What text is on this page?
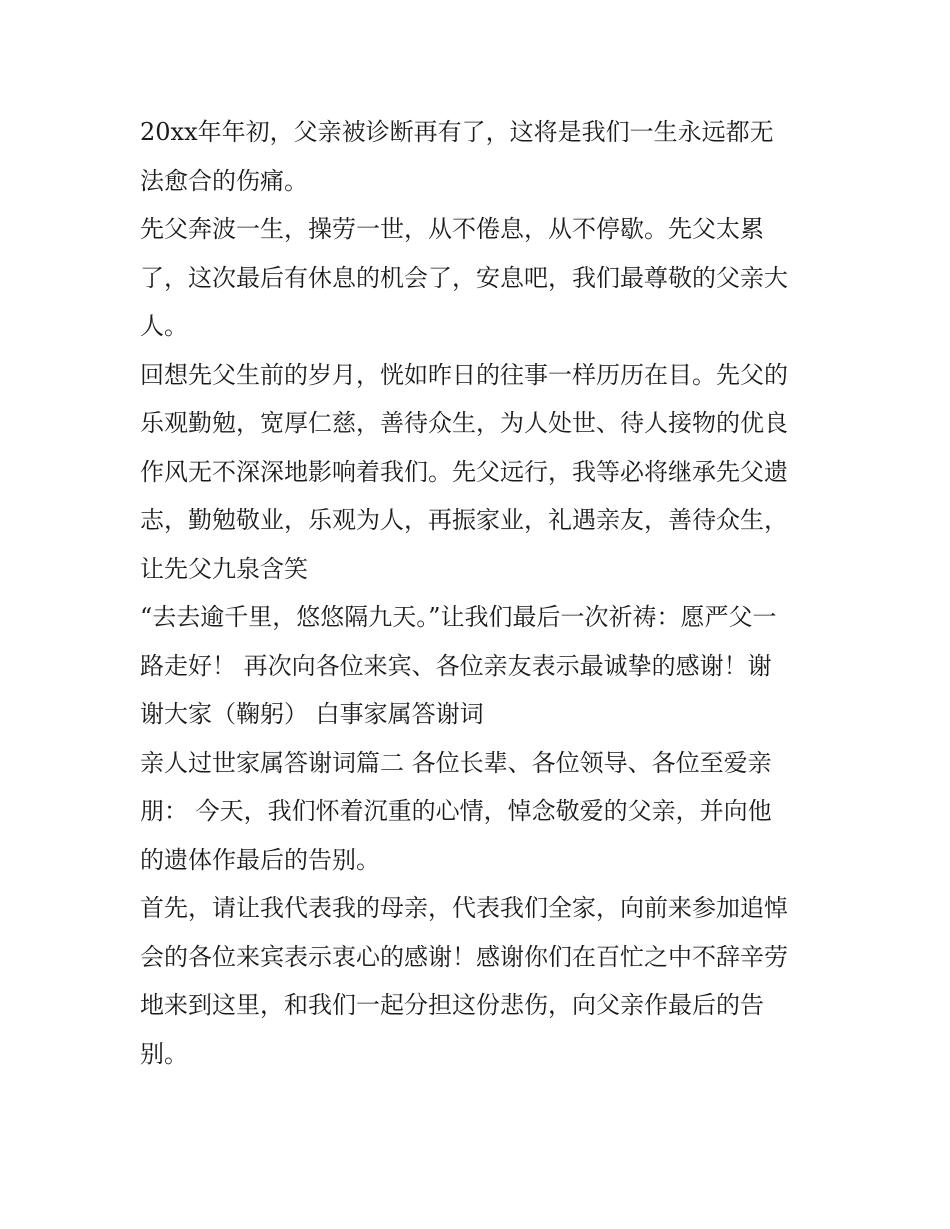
20xx年年初，父亲被诊断再有了，这将是我们一生永远都无
法愈合的伤痛。

先父奔波一生，操劳一世，从不倦息，从不停歇。先父太累
了，这次最后有休息的机会了，安息吧，我们最尊敬的父亲大
人。

回想先父生前的岁月，恍如昨日的往事一样历历在目。先父的
乐观勤勉，宽厚仁慈，善待众生，为人处世、待人接物的优良
作风无不深深地影响着我们。先父远行，我等必将继承先父遗
志，勤勉敬业，乐观为人，再振家业，礼遇亲友，善待众生，
让先父九泉含笑

“去去逾千里，悠悠隔九天。”让我们最后一次祈祷：愿严父一
路走好！ 再次向各位来宾、各位亲友表示最诚挚的感谢！谢
谢大家（鞠躬） 白事家属答谢词

亲人过世家属答谢词篇二 各位长辈、各位领导、各位至爱亲
朋： 今天，我们怀着沉重的心情，悼念敬爱的父亲，并向他
的遗体作最后的告别。

首先，请让我代表我的母亲，代表我们全家，向前来参加追悼
会的各位来宾表示衷心的感谢！感谢你们在百忙之中不辞辛劳
地来到这里，和我们一起分担这份悲伤，向父亲作最后的告
别。
